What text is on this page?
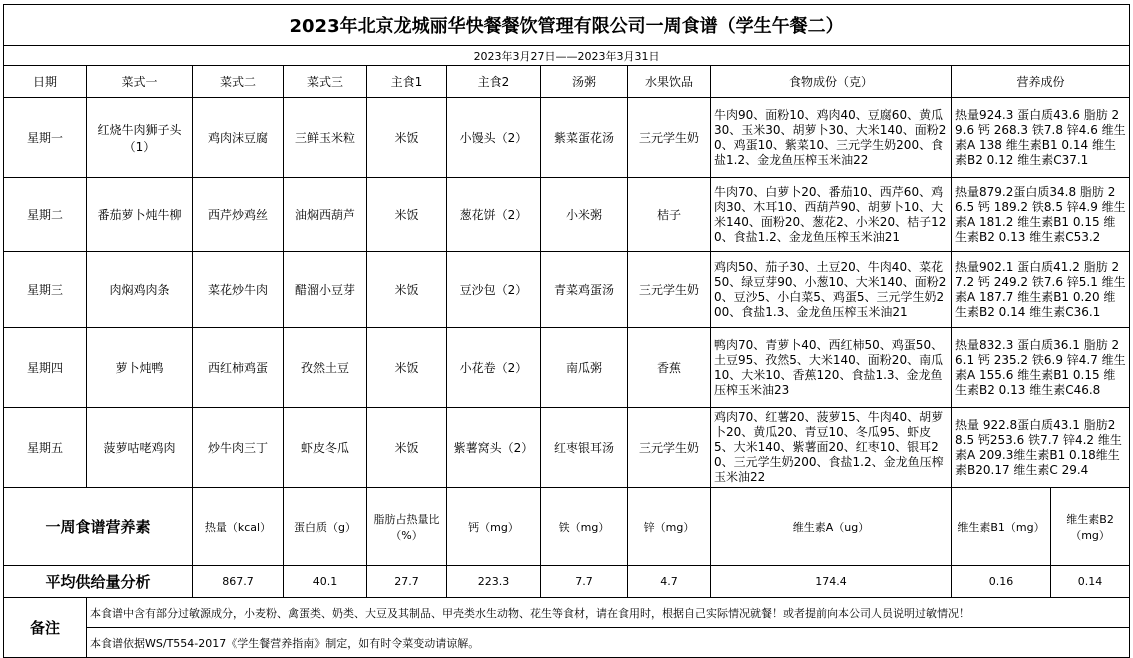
2023年北京龙城丽华快餐餐饮管理有限公司一周食谱（学生午餐二）											
2023年3月27日——2023年3月31日											
日期	菜式一	菜式二	菜式三	主食1	主食2	汤粥	水果饮品	食物成份（克）	营养成份		
星期一	红烧牛肉狮子头（1）	鸡肉沫豆腐	三鲜玉米粒	米饭	小馒头（2）	紫菜蛋花汤	三元学生奶	牛肉90、面粉10、鸡肉40、豆腐60、黄瓜30、玉米30、胡萝卜30、大米140、面粉20、鸡蛋10、紫菜10、三元学生奶200、食盐1.2、金龙鱼压榨玉米油22	热量924.3 蛋白质43.6 脂肪 29.6 钙 268.3 铁7.8 锌4.6 维生素A 138 维生素B1 0.14 维生素B2 0.12 维生素C37.1		
星期二	番茄萝卜炖牛柳	西芹炒鸡丝	油焖西葫芦	米饭	葱花饼（2）	小米粥	桔子	牛肉70、白萝卜20、番茄10、西芹60、鸡肉30、木耳10、西葫芦90、胡萝卜10、大米140、面粉20、葱花2、小米20、桔子120、食盐1.2、金龙鱼压榨玉米油21	热量879.2蛋白质34.8 脂肪 26.5 钙 189.2 铁8.5 锌4.9 维生素A 181.2 维生素B1 0.15 维生素B2 0.13 维生素C53.2		
星期三	肉焖鸡肉条	菜花炒牛肉	醋溜小豆芽	米饭	豆沙包（2）	青菜鸡蛋汤	三元学生奶	鸡肉50、茄子30、土豆20、牛肉40、菜花50、绿豆芽90、小葱10、大米140、面粉20、豆沙5、小白菜5、鸡蛋5、三元学生奶200、食盐1.3、金龙鱼压榨玉米油21	热量902.1 蛋白质41.2 脂肪 27.2 钙 249.2 铁7.6 锌5.1 维生素A 187.7 维生素B1 0.20 维生素B2 0.14 维生素C36.1		
星期四	萝卜炖鸭	西红柿鸡蛋	孜然土豆	米饭	小花卷（2）	南瓜粥	香蕉	鸭肉70、青萝卜40、西红柿50、鸡蛋50、土豆95、孜然5、大米140、面粉20、南瓜10、大米10、香蕉120、食盐1.3、金龙鱼压榨玉米油23	热量832.3 蛋白质36.1 脂肪 26.1 钙 235.2 铁6.9 锌4.7 维生素A 155.6 维生素B1 0.15 维生素B2 0.13 维生素C46.8		
星期五	菠萝咕咾鸡肉	炒牛肉三丁	虾皮冬瓜	米饭	紫薯窝头（2）	红枣银耳汤	三元学生奶	鸡肉70、红薯20、菠萝15、牛肉40、胡萝卜20、黄瓜20、青豆10、冬瓜95、虾皮5、大米140、紫薯面20、红枣10、银耳20、三元学生奶200、食盐1.2、金龙鱼压榨玉米油22	热量 922.8蛋白质43.1 脂肪28.5 钙253.6 铁7.7 锌4.2 维生素A 209.3维生素B1 0.18维生素B20.17 维生素C 29.4		
一周食谱营养素		热量（kcal）	蛋白质（g）	脂肪占热量比（%）	钙（mg）	铁（mg）	锌（mg）	维生素A（ug）	维生素B1（mg）	维生素B2（mg）	
平均供给量分析		867.7	40.1	27.7	223.3	7.7	4.7	174.4	0.16	0.14	
备注	本食谱中含有部分过敏源成分，小麦粉、禽蛋类、奶类、大豆及其制品、甲壳类水生动物、花生等食材，请在食用时，根据自己实际情况就餐！或者提前向本公司人员说明过敏情况！										
	本食谱依据WS/T554-2017《学生餐营养指南》制定，如有时令菜变动请谅解。										
